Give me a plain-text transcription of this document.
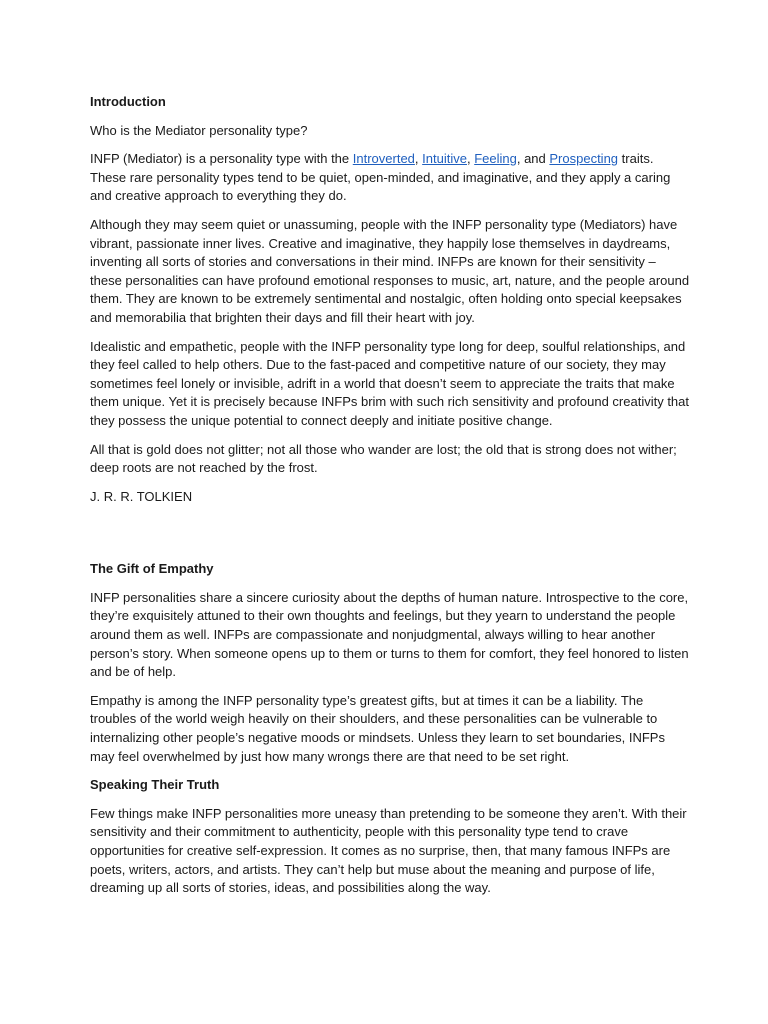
Introduction

Who is the Mediator personality type?

INFP (Mediator) is a personality type with the Introverted, Intuitive, Feeling, and Prospecting traits. These rare personality types tend to be quiet, open-minded, and imaginative, and they apply a caring and creative approach to everything they do.

Although they may seem quiet or unassuming, people with the INFP personality type (Mediators) have vibrant, passionate inner lives. Creative and imaginative, they happily lose themselves in daydreams, inventing all sorts of stories and conversations in their mind. INFPs are known for their sensitivity – these personalities can have profound emotional responses to music, art, nature, and the people around them. They are known to be extremely sentimental and nostalgic, often holding onto special keepsakes and memorabilia that brighten their days and fill their heart with joy.

Idealistic and empathetic, people with the INFP personality type long for deep, soulful relationships, and they feel called to help others. Due to the fast-paced and competitive nature of our society, they may sometimes feel lonely or invisible, adrift in a world that doesn’t seem to appreciate the traits that make them unique. Yet it is precisely because INFPs brim with such rich sensitivity and profound creativity that they possess the unique potential to connect deeply and initiate positive change.

All that is gold does not glitter; not all those who wander are lost; the old that is strong does not wither; deep roots are not reached by the frost.

J. R. R. TOLKIEN

The Gift of Empathy

INFP personalities share a sincere curiosity about the depths of human nature. Introspective to the core, they’re exquisitely attuned to their own thoughts and feelings, but they yearn to understand the people around them as well. INFPs are compassionate and nonjudgmental, always willing to hear another person’s story. When someone opens up to them or turns to them for comfort, they feel honored to listen and be of help.

Empathy is among the INFP personality type’s greatest gifts, but at times it can be a liability. The troubles of the world weigh heavily on their shoulders, and these personalities can be vulnerable to internalizing other people’s negative moods or mindsets. Unless they learn to set boundaries, INFPs may feel overwhelmed by just how many wrongs there are that need to be set right.

Speaking Their Truth

Few things make INFP personalities more uneasy than pretending to be someone they aren’t. With their sensitivity and their commitment to authenticity, people with this personality type tend to crave opportunities for creative self-expression. It comes as no surprise, then, that many famous INFPs are poets, writers, actors, and artists. They can’t help but muse about the meaning and purpose of life, dreaming up all sorts of stories, ideas, and possibilities along the way.
